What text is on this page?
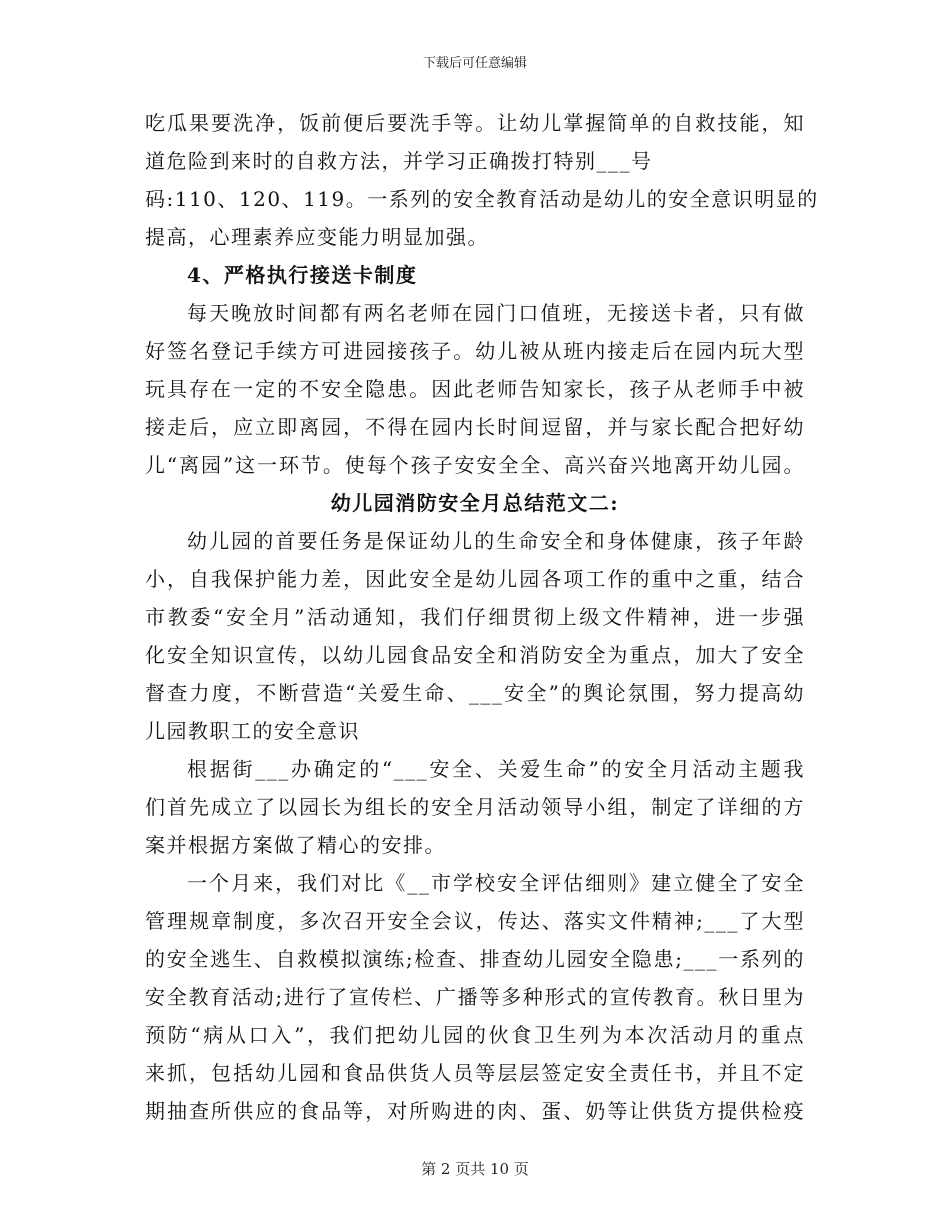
下载后可任意编辑
吃瓜果要洗净，饭前便后要洗手等。让幼儿掌握简单的自救技能，知
道危险到来时的自救方法，并学习正确拨打特别___号
码:110、120、119。一系列的安全教育活动是幼儿的安全意识明显的
提高，心理素养应变能力明显加强。
4、严格执行接送卡制度
每天晚放时间都有两名老师在园门口值班，无接送卡者，只有做
好签名登记手续方可进园接孩子。幼儿被从班内接走后在园内玩大型
玩具存在一定的不安全隐患。因此老师告知家长，孩子从老师手中被
接走后，应立即离园，不得在园内长时间逗留，并与家长配合把好幼
儿“离园”这一环节。使每个孩子安安全全、高兴奋兴地离开幼儿园。
幼儿园消防安全月总结范文二:
幼儿园的首要任务是保证幼儿的生命安全和身体健康，孩子年龄
小，自我保护能力差，因此安全是幼儿园各项工作的重中之重，结合
市教委“安全月”活动通知，我们仔细贯彻上级文件精神，进一步强
化安全知识宣传，以幼儿园食品安全和消防安全为重点，加大了安全
督查力度，不断营造“关爱生命、___安全”的舆论氛围，努力提高幼
儿园教职工的安全意识
根据街___办确定的“___安全、关爱生命”的安全月活动主题我
们首先成立了以园长为组长的安全月活动领导小组，制定了详细的方
案并根据方案做了精心的安排。
一个月来，我们对比《__市学校安全评估细则》建立健全了安全
管理规章制度，多次召开安全会议，传达、落实文件精神;___了大型
的安全逃生、自救模拟演练;检查、排查幼儿园安全隐患;___一系列的
安全教育活动;进行了宣传栏、广播等多种形式的宣传教育。秋日里为
预防“病从口入”，我们把幼儿园的伙食卫生列为本次活动月的重点
来抓，包括幼儿园和食品供货人员等层层签定安全责任书，并且不定
期抽查所供应的食品等，对所购进的肉、蛋、奶等让供货方提供检疫
第 2 页共 10 页
